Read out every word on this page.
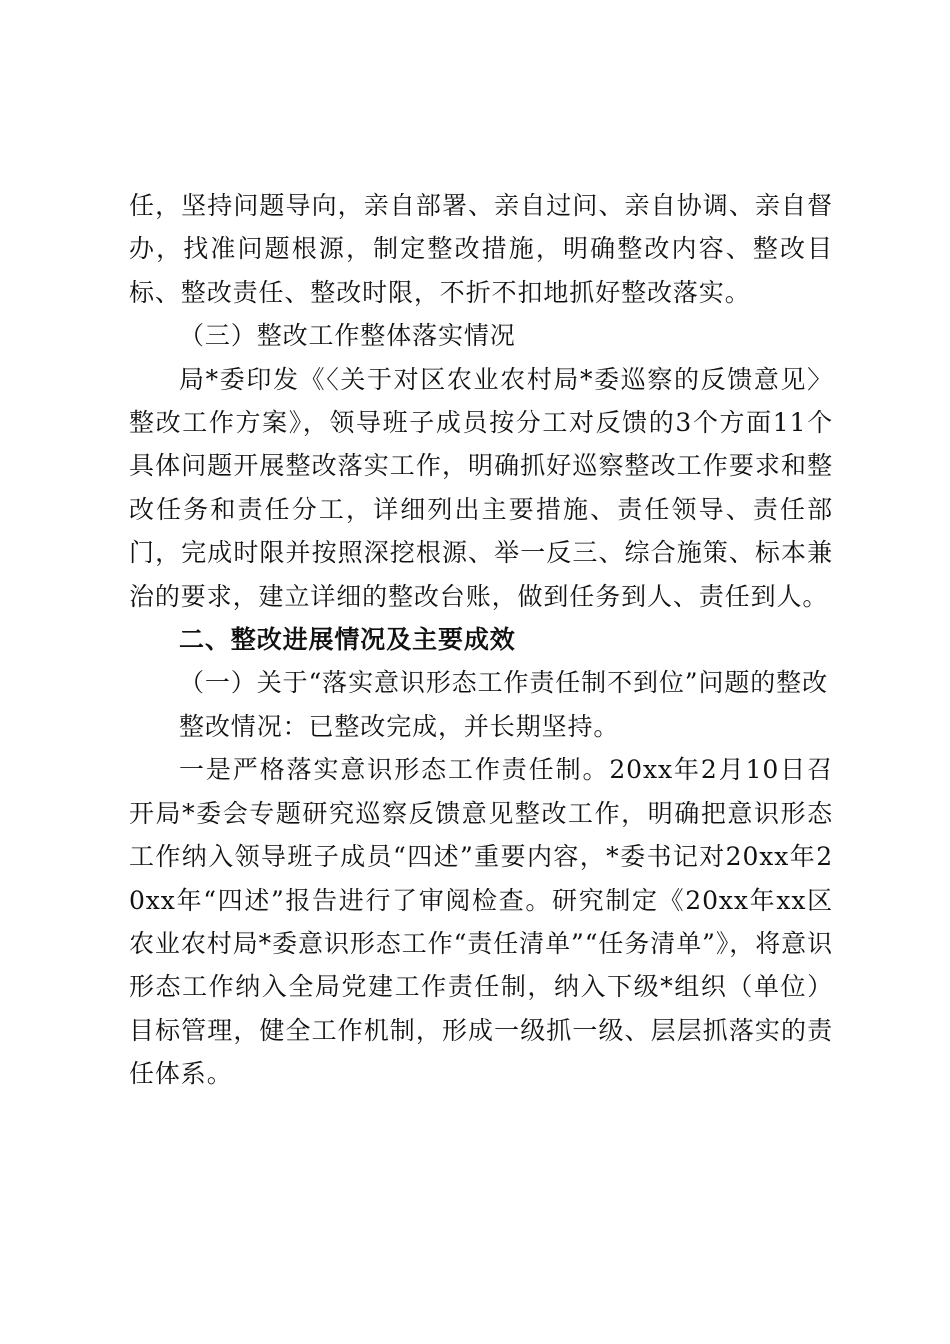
任，坚持问题导向，亲自部署、亲自过问、亲自协调、亲自督办，找准问题根源，制定整改措施，明确整改内容、整改目标、整改责任、整改时限，不折不扣地抓好整改落实。

（三）整改工作整体落实情况

局*委印发《〈关于对区农业农村局*委巡察的反馈意见〉整改工作方案》，领导班子成员按分工对反馈的3个方面11个具体问题开展整改落实工作，明确抓好巡察整改工作要求和整改任务和责任分工，详细列出主要措施、责任领导、责任部门，完成时限并按照深挖根源、举一反三、综合施策、标本兼治的要求，建立详细的整改台账，做到任务到人、责任到人。

二、整改进展情况及主要成效

（一）关于“落实意识形态工作责任制不到位”问题的整改

整改情况：已整改完成，并长期坚持。

一是严格落实意识形态工作责任制。20xx年2月10日召开局*委会专题研究巡察反馈意见整改工作，明确把意识形态工作纳入领导班子成员“四述”重要内容，*委书记对20xx年20xx年“四述”报告进行了审阅检查。研究制定《20xx年xx区农业农村局*委意识形态工作“责任清单”“任务清单”》，将意识形态工作纳入全局党建工作责任制，纳入下级*组织（单位）目标管理，健全工作机制，形成一级抓一级、层层抓落实的责任体系。
